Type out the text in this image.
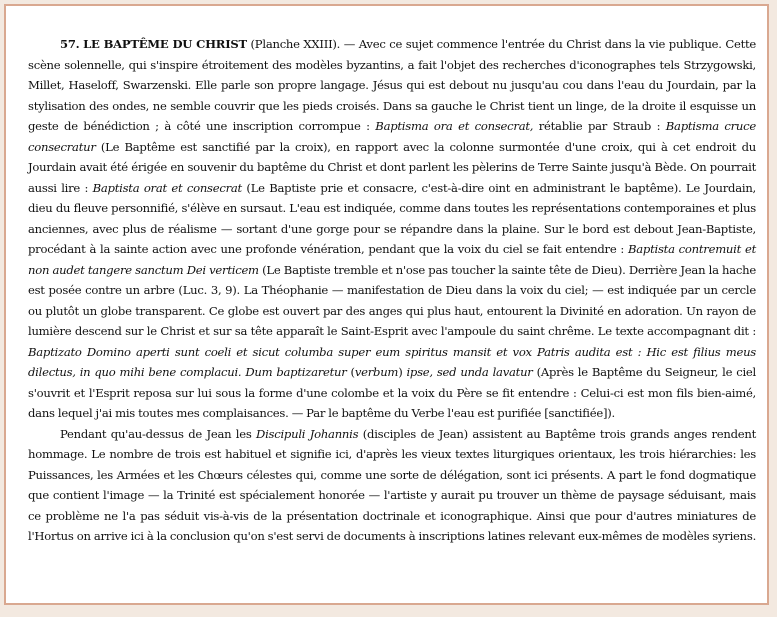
57. LE BAPTÊME DU CHRIST (Planche XXIII). — Avec ce sujet commence l'entrée du Christ dans la vie publique. Cette scène solennelle, qui s'inspire étroitement des modèles byzantins, a fait l'objet des recherches d'iconographes tels Strzygowski, Millet, Haseloff, Swarzenski. Elle parle son propre langage. Jésus qui est debout nu jusqu'au cou dans l'eau du Jourdain, par la stylisation des ondes, ne semble couvrir que les pieds croisés. Dans sa gauche le Christ tient un linge, de la droite il esquisse un geste de bénédiction ; à côté une inscription corrompue : Baptisma ora et consecrat, rétablie par Straub : Baptisma cruce consecratur (Le Baptême est sanctifié par la croix), en rapport avec la colonne surmontée d'une croix, qui à cet endroit du Jourdain avait été érigée en souvenir du baptême du Christ et dont parlent les pèlerins de Terre Sainte jusqu'à Bède. On pourrait aussi lire : Baptista orat et consecrat (Le Baptiste prie et consacre, c'est-à-dire oint en administrant le baptême). Le Jourdain, dieu du fleuve personnifié, s'élève en sursaut. L'eau est indiquée, comme dans toutes les représentations contemporaines et plus anciennes, avec plus de réalisme — sortant d'une gorge pour se répandre dans la plaine. Sur le bord est debout Jean-Baptiste, procédant à la sainte action avec une profonde vénération, pendant que la voix du ciel se fait entendre : Baptista contremuit et non audet tangere sanctum Dei verticem (Le Baptiste tremble et n'ose pas toucher la sainte tête de Dieu). Derrière Jean la hache est posée contre un arbre (Luc. 3, 9). La Théophanie — manifestation de Dieu dans la voix du ciel; — est indiquée par un cercle ou plutôt un globe transparent. Ce globe est ouvert par des anges qui plus haut, entourent la Divinité en adoration. Un rayon de lumière descend sur le Christ et sur sa tête apparaît le Saint-Esprit avec l'ampoule du saint chrême. Le texte accompagnant dit : Baptizato Domino aperti sunt coeli et sicut columba super eum spiritus mansit et vox Patris audita est : Hic est filius meus dilectus, in quo mihi bene complacui. Dum baptizaretur (verbum) ipse, sed unda lavatur (Après le Baptême du Seigneur, le ciel s'ouvrit et l'Esprit reposa sur lui sous la forme d'une colombe et la voix du Père se fit entendre : Celui-ci est mon fils bien-aimé, dans lequel j'ai mis toutes mes complaisances. — Par le baptême du Verbe l'eau est purifiée [sanctifiée]).

Pendant qu'au-dessus de Jean les Discipuli Johannis (disciples de Jean) assistent au Baptême trois grands anges rendent hommage. Le nombre de trois est habituel et signifie ici, d'après les vieux textes liturgiques orientaux, les trois hiérarchies: les Puissances, les Armées et les Chœurs célestes qui, comme une sorte de délégation, sont ici présents. A part le fond dogmatique que contient l'image — la Trinité est spécialement honorée — l'artiste y aurait pu trouver un thème de paysage séduisant, mais ce problème ne l'a pas séduit vis-à-vis de la présentation doctrinale et iconographique. Ainsi que pour d'autres miniatures de l'Hortus on arrive ici à la conclusion qu'on s'est servi de documents à inscriptions latines relevant eux-mêmes de modèles syriens.
